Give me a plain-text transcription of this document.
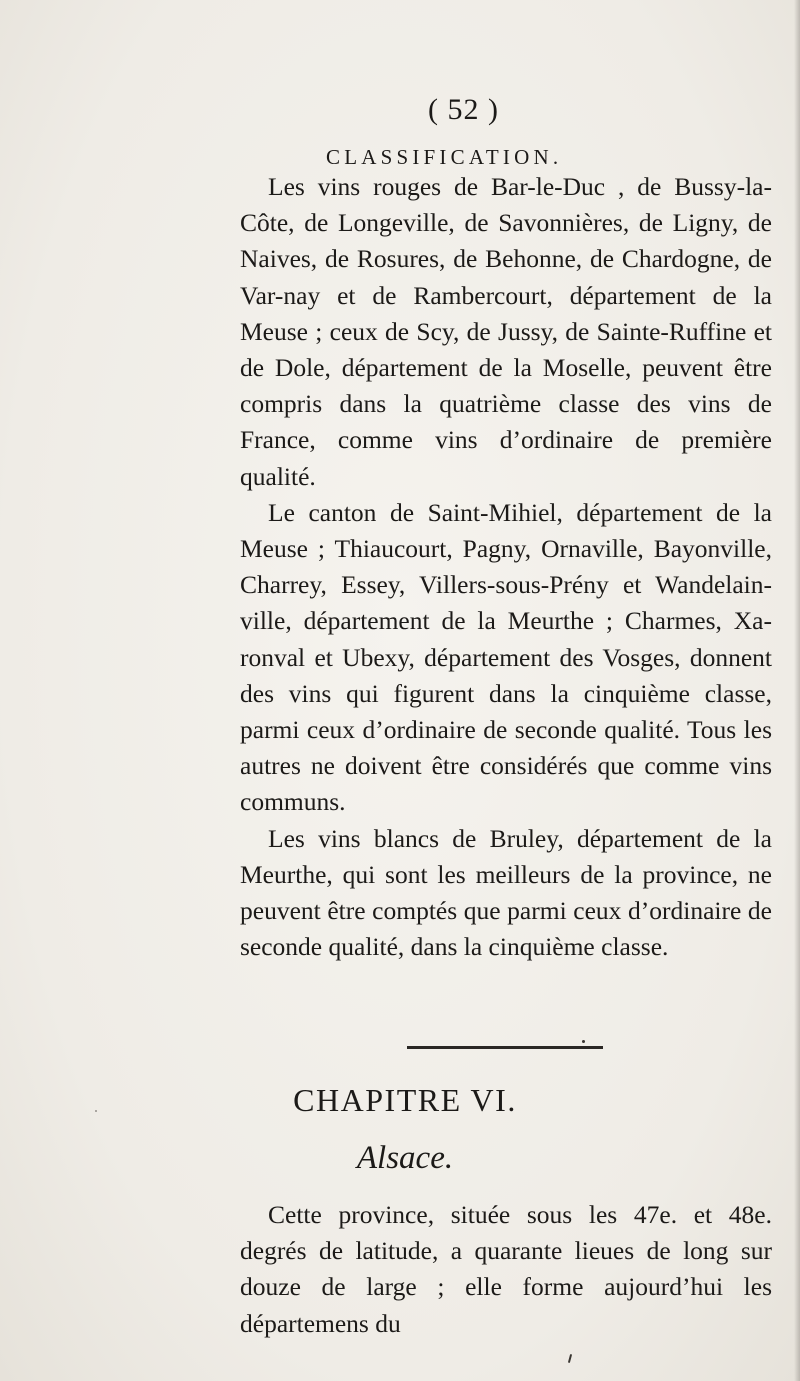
( 52 )
CLASSIFICATION.

Les vins rouges de Bar-le-Duc , de Bussy-la-Côte, de Longeville, de Savonnières, de Ligny, de Naives, de Rosures, de Behonne, de Chardogne, de Var-nay et de Rambercourt, département de la Meuse ; ceux de Scy, de Jussy, de Sainte-Ruffine et de Dole, département de la Moselle, peuvent être compris dans la quatrième classe des vins de France, comme vins d’ordinaire de première qualité.

Le canton de Saint-Mihiel, département de la Meuse ; Thiaucourt, Pagny, Ornaville, Bayonville, Charrey, Essey, Villers-sous-Prény et Wandelain-ville, département de la Meurthe ; Charmes, Xa-ronval et Ubexy, département des Vosges, donnent des vins qui figurent dans la cinquième classe, parmi ceux d’ordinaire de seconde qualité. Tous les autres ne doivent être considérés que comme vins communs.

Les vins blancs de Bruley, département de la Meurthe, qui sont les meilleurs de la province, ne peuvent être comptés que parmi ceux d’ordinaire de seconde qualité, dans la cinquième classe.

CHAPITRE VI.
Alsace.

Cette province, située sous les 47e. et 48e. degrés de latitude, a quarante lieues de long sur douze de large ; elle forme aujourd’hui les départemens du
